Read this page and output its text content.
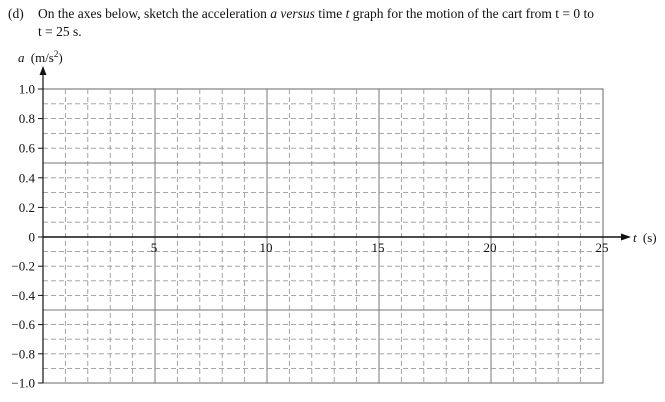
(d) On the axes below, sketch the acceleration a versus time t graph for the motion of the cart from t = 0 to
t = 25 s.
a $(m/s^2)$
t (s)
1.0
0.8
0.6
0.4
0.2
0
−0.2
−0.4
−0.6
−0.8
−1.0
5	10	15	20	25
